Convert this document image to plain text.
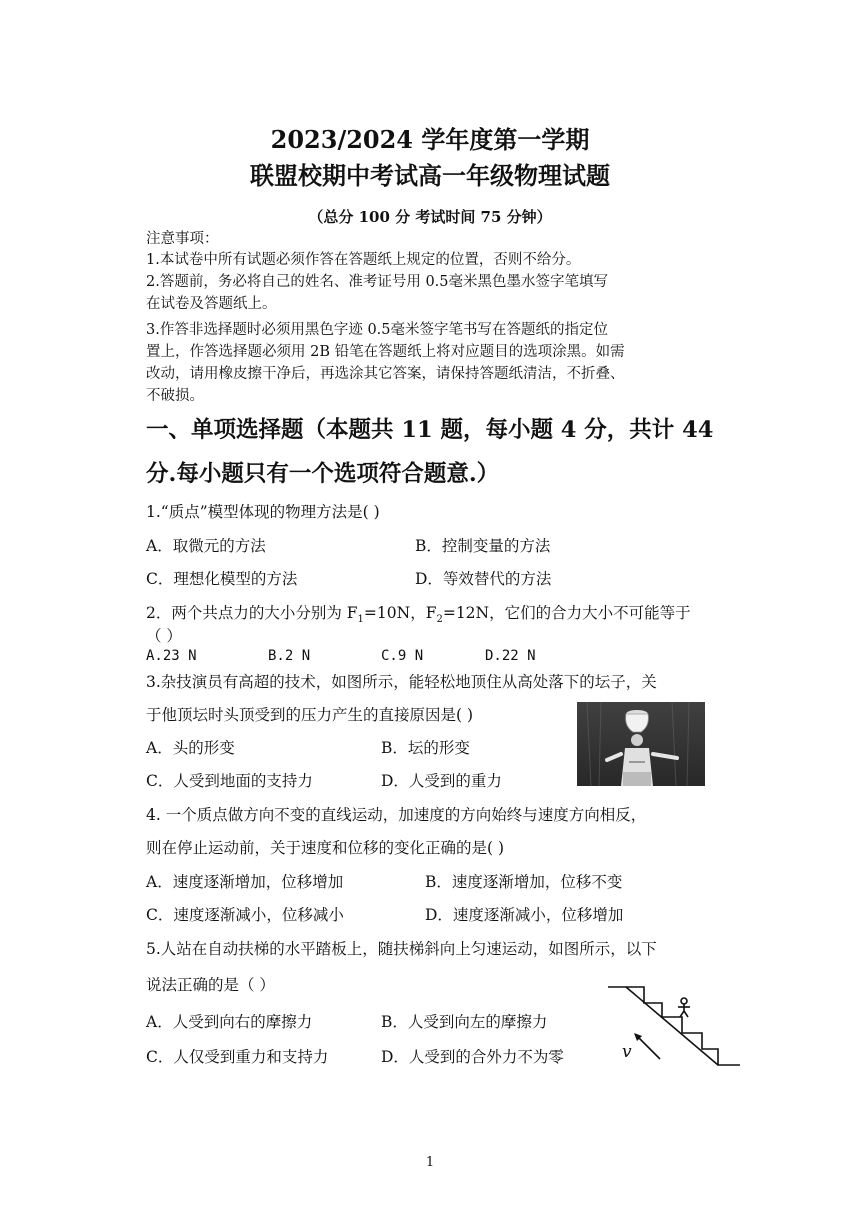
2023/2024 学年度第一学期
联盟校期中考试高一年级物理试题
（总分 100 分 考试时间 75 分钟）
注意事项：
1.本试卷中所有试题必须作答在答题纸上规定的位置，否则不给分。
2.答题前，务必将自己的姓名、准考证号用 0.5毫米黑色墨水签字笔填写
在试卷及答题纸上。
3.作答非选择题时必须用黑色字迹 0.5毫米签字笔书写在答题纸的指定位
置上，作答选择题必须用 2B 铅笔在答题纸上将对应题目的选项涂黑。如需
改动，请用橡皮擦干净后，再选涂其它答案，请保持答题纸清洁，不折叠、
不破损。
一、单项选择题（本题共 11 题，每小题 4 分，共计 44
分.每小题只有一个选项符合题意.）
1.“质点”模型体现的物理方法是( )
A．取微元的方法	B．控制变量的方法
C．理想化模型的方法	D．等效替代的方法
2．两个共点力的大小分别为 $F_1=10N$，$F_2=12N$，它们的合力大小不可能等于
（ ）
A.23 N	B.2 N	C.9 N	D.22 N
3.杂技演员有高超的技术，如图所示，能轻松地顶住从高处落下的坛子，关
于他顶坛时头顶受到的压力产生的直接原因是( )
A．头的形变	B．坛的形变
C．人受到地面的支持力	D．人受到的重力
4. 一个质点做方向不变的直线运动，加速度的方向始终与速度方向相反，
则在停止运动前，关于速度和位移的变化正确的是( )
A．速度逐渐增加，位移增加	B．速度逐渐增加，位移不变
C．速度逐渐减小，位移减小	D．速度逐渐减小，位移增加
5.人站在自动扶梯的水平踏板上，随扶梯斜向上匀速运动，如图所示，以下
说法正确的是（ ）
A．人受到向右的摩擦力	B．人受到向左的摩擦力
C．人仅受到重力和支持力	D．人受到的合外力不为零	v
1
